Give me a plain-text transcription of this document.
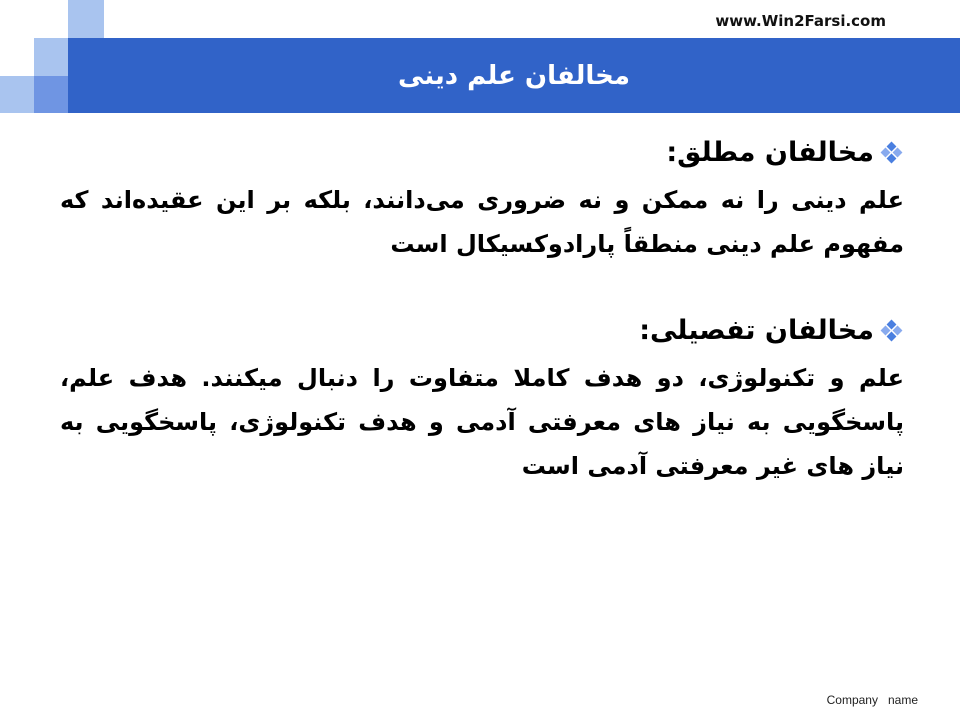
www.Win2Farsi.com
مخالفان علم دینی
مخالفان مطلق:

علم دینی را نه ممکن و نه ضروری می‌دانند، بلکه بر این عقیده‌اند که مفهوم علم دینی منطقاً پارادوکسیکال است

مخالفان تفصیلی:

علم و تکنولوژی، دو هدف کاملا متفاوت را دنبال میکنند. هدف علم، پاسخگویی به نیاز های معرفتی آدمی و هدف تکنولوژی، پاسخگویی به نیاز های غیر معرفتی آدمی است

Company   name
